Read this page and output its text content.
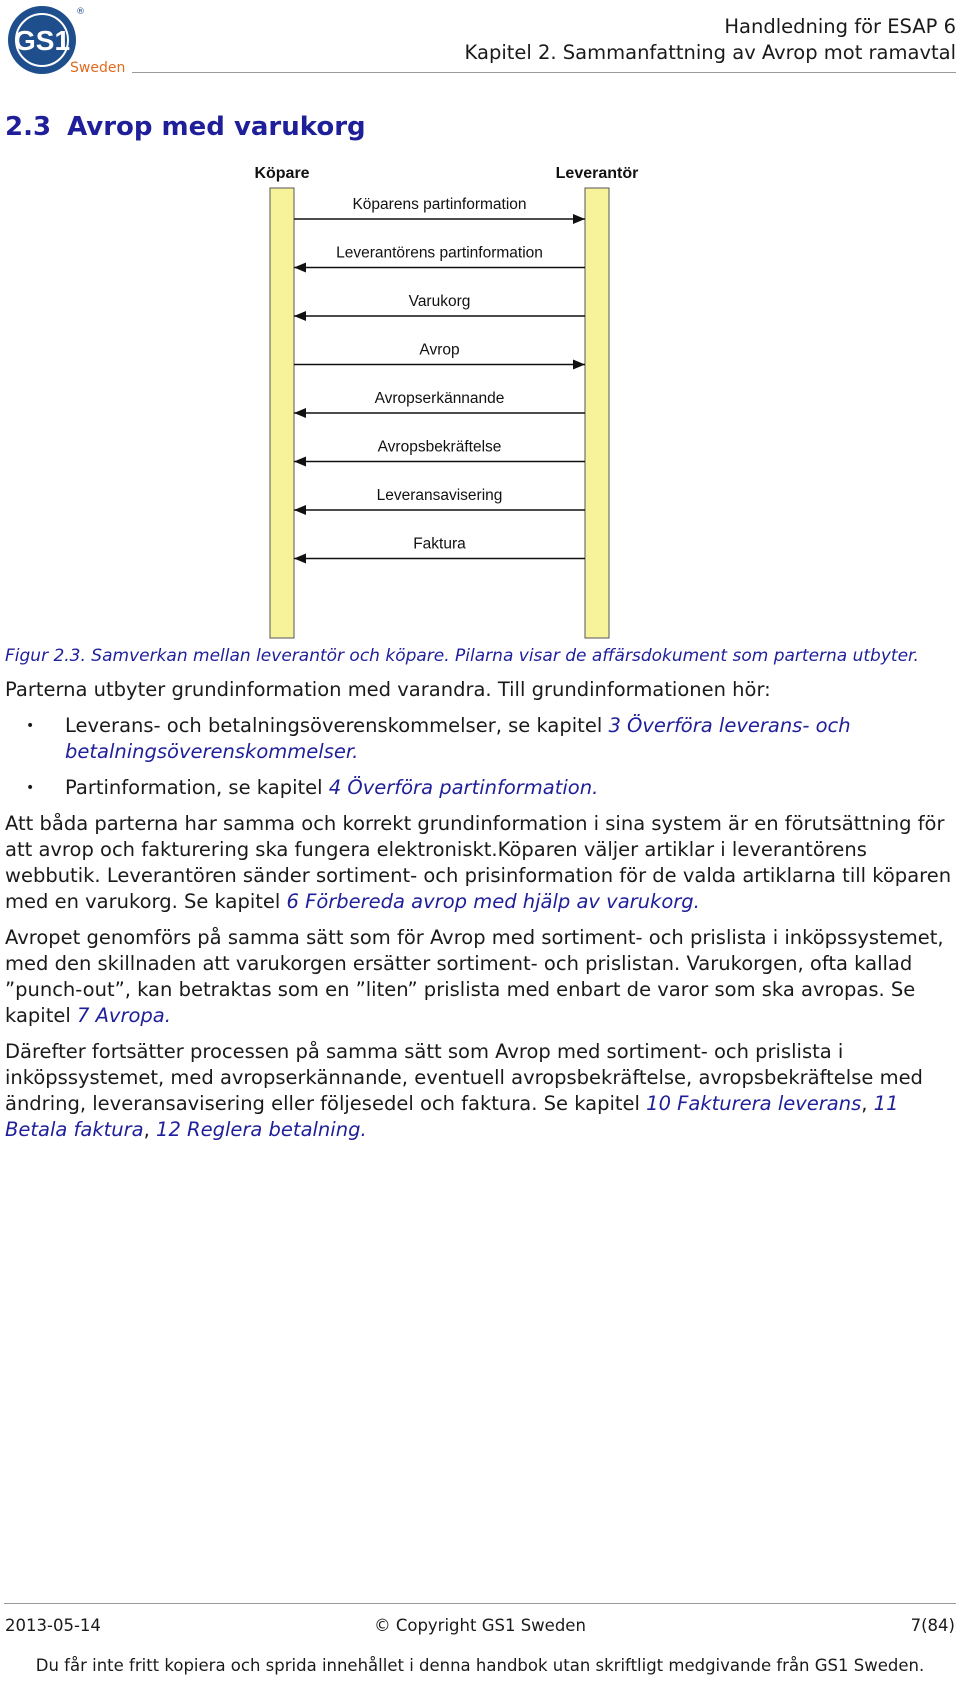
GS1
®
Sweden
Handledning för ESAP 6
Kapitel 2. Sammanfattning av Avrop mot ramavtal
2.3 Avrop med varukorg
Köpare	Leverantör
Köparens partinformation
Leverantörens partinformation
Varukorg
Avrop
Avropserkännande
Avropsbekräftelse
Leveransavisering
Faktura
Figur 2.3. Samverkan mellan leverantör och köpare. Pilarna visar de affärsdokument som parterna utbyter.

Parterna utbyter grundinformation med varandra. Till grundinformationen hör:

• Leverans- och betalningsöverenskommelser, se kapitel 3 Överföra leverans- och betalningsöverenskommelser.
• Partinformation, se kapitel 4 Överföra partinformation.

Att båda parterna har samma och korrekt grundinformation i sina system är en förutsättning för att avrop och fakturering ska fungera elektroniskt.Köparen väljer artiklar i leverantörens webbutik. Leverantören sänder sortiment- och prisinformation för de valda artiklarna till köparen med en varukorg. Se kapitel 6 Förbereda avrop med hjälp av varukorg.

Avropet genomförs på samma sätt som för Avrop med sortiment- och prislista i inköpssystemet, med den skillnaden att varukorgen ersätter sortiment- och prislistan. Varukorgen, ofta kallad ”punch-out”, kan betraktas som en ”liten” prislista med enbart de varor som ska avropas. Se kapitel 7 Avropa.

Därefter fortsätter processen på samma sätt som Avrop med sortiment- och prislista i inköpssystemet, med avropserkännande, eventuell avropsbekräftelse, avropsbekräftelse med ändring, leveransavisering eller följesedel och faktura. Se kapitel 10 Fakturera leverans, 11 Betala faktura, 12 Reglera betalning.

2013-05-14	© Copyright GS1 Sweden	7(84)
Du får inte fritt kopiera och sprida innehållet i denna handbok utan skriftligt medgivande från GS1 Sweden.
